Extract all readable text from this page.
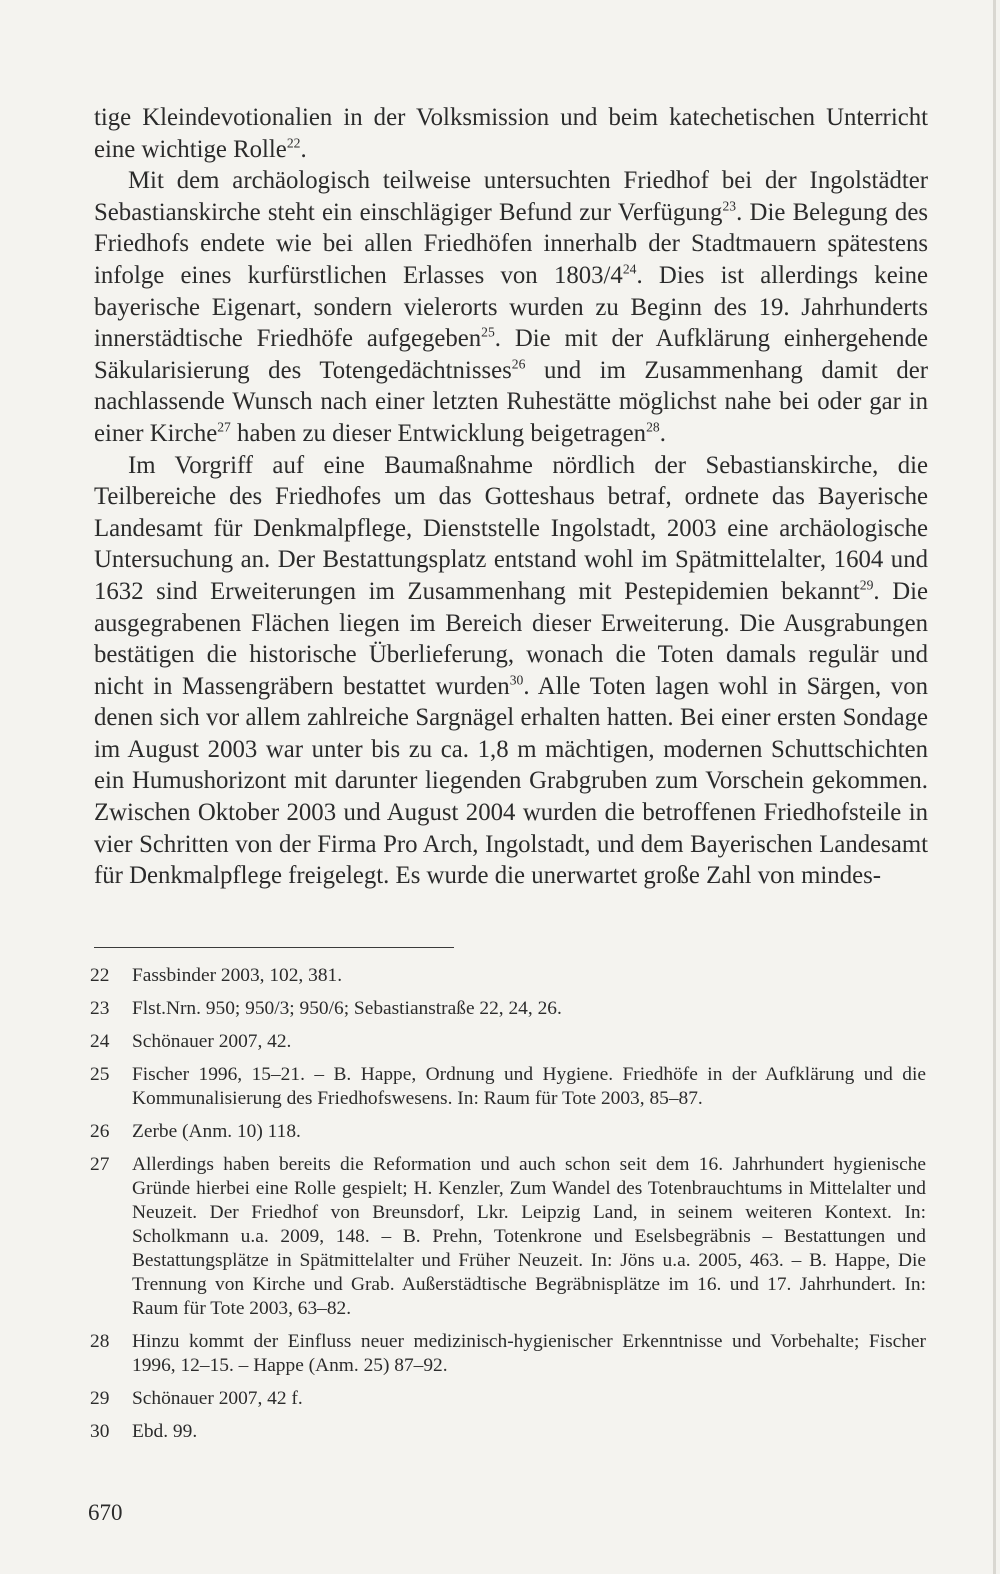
tige Kleindevotionalien in der Volksmission und beim katechetischen Unterricht eine wichtige Rolle$^{22}$.

Mit dem archäologisch teilweise untersuchten Friedhof bei der Ingolstädter Sebastianskirche steht ein einschlägiger Befund zur Verfügung$^{23}$. Die Belegung des Friedhofs endete wie bei allen Friedhöfen innerhalb der Stadtmauern spätestens infolge eines kurfürstlichen Erlasses von $1803/4^{24}$. Dies ist allerdings keine bayerische Eigenart, sondern vielerorts wurden zu Beginn des 19. Jahrhunderts innerstädtische Friedhöfe aufgegeben$^{25}$. Die mit der Aufklärung einhergehende Säkularisierung des Totengedächtnisses$^{26}$ und im Zusammenhang damit der nachlassende Wunsch nach einer letzten Ruhestätte möglichst nahe bei oder gar in einer Kirche$^{27}$ haben zu dieser Entwicklung beigetragen$^{28}$.

Im Vorgriff auf eine Baumaßnahme nördlich der Sebastianskirche, die Teilbereiche des Friedhofes um das Gotteshaus betraf, ordnete das Bayerische Landesamt für Denkmalpflege, Dienststelle Ingolstadt, 2003 eine archäologische Untersuchung an. Der Bestattungsplatz entstand wohl im Spätmittelalter, 1604 und 1632 sind Erweiterungen im Zusammenhang mit Pestepidemien bekannt$^{29}$. Die ausgegrabenen Flächen liegen im Bereich dieser Erweiterung. Die Ausgrabungen bestätigen die historische Überlieferung, wonach die Toten damals regulär und nicht in Massengräbern bestattet wurden$^{30}$. Alle Toten lagen wohl in Särgen, von denen sich vor allem zahlreiche Sargnägel erhalten hatten. Bei einer ersten Sondage im August 2003 war unter bis zu ca. 1,8 m mächtigen, modernen Schuttschichten ein Humushorizont mit darunter liegenden Grabgruben zum Vorschein gekommen. Zwischen Oktober 2003 und August 2004 wurden die betroffenen Friedhofsteile in vier Schritten von der Firma Pro Arch, Ingolstadt, und dem Bayerischen Landesamt für Denkmalpflege freigelegt. Es wurde die unerwartet große Zahl von mindes-

22 Fassbinder 2003, 102, 381.
23 Flst.Nrn. 950; 950/3; 950/6; Sebastianstraße 22, 24, 26.
24 Schönauer 2007, 42.
25 Fischer 1996, 15–21. – B. Happe, Ordnung und Hygiene. Friedhöfe in der Aufklärung und die Kommunalisierung des Friedhofswesens. In: Raum für Tote 2003, 85–87.
26 Zerbe (Anm. 10) 118.
27 Allerdings haben bereits die Reformation und auch schon seit dem 16. Jahrhundert hygienische Gründe hierbei eine Rolle gespielt; H. Kenzler, Zum Wandel des Totenbrauchtums in Mittelalter und Neuzeit. Der Friedhof von Breunsdorf, Lkr. Leipzig Land, in seinem weiteren Kontext. In: Scholkmann u.a. 2009, 148. – B. Prehn, Totenkrone und Eselsbegräbnis – Bestattungen und Bestattungsplätze in Spätmittelalter und Früher Neuzeit. In: Jöns u.a. 2005, 463. – B. Happe, Die Trennung von Kirche und Grab. Außerstädtische Begräbnisplätze im 16. und 17. Jahrhundert. In: Raum für Tote 2003, 63–82.
28 Hinzu kommt der Einfluss neuer medizinisch-hygienischer Erkenntnisse und Vorbehalte; Fischer 1996, 12–15. – Happe (Anm. 25) 87–92.
29 Schönauer 2007, 42 f.
30 Ebd. 99.
670
